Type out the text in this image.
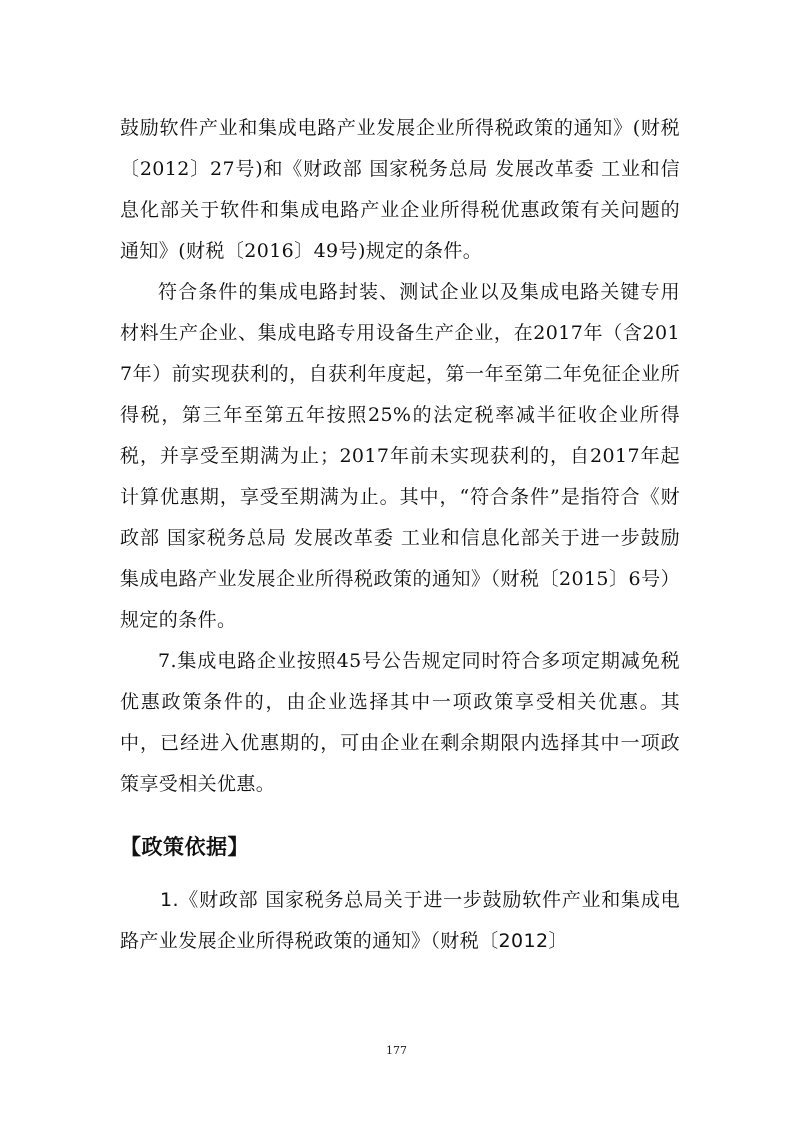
鼓励软件产业和集成电路产业发展企业所得税政策的通知》(财税〔2012〕27号)和《财政部 国家税务总局 发展改革委 工业和信息化部关于软件和集成电路产业企业所得税优惠政策有关问题的通知》(财税〔2016〕49号)规定的条件。

符合条件的集成电路封装、测试企业以及集成电路关键专用材料生产企业、集成电路专用设备生产企业，在2017年（含2017年）前实现获利的，自获利年度起，第一年至第二年免征企业所得税，第三年至第五年按照25%的法定税率减半征收企业所得税，并享受至期满为止；2017年前未实现获利的，自2017年起计算优惠期，享受至期满为止。其中，“符合条件”是指符合《财政部 国家税务总局 发展改革委 工业和信息化部关于进一步鼓励集成电路产业发展企业所得税政策的通知》（财税〔2015〕6号）规定的条件。

7.集成电路企业按照45号公告规定同时符合多项定期减免税优惠政策条件的，由企业选择其中一项政策享受相关优惠。其中，已经进入优惠期的，可由企业在剩余期限内选择其中一项政策享受相关优惠。

【政策依据】

1.《财政部 国家税务总局关于进一步鼓励软件产业和集成电路产业发展企业所得税政策的通知》（财税〔2012〕

177
